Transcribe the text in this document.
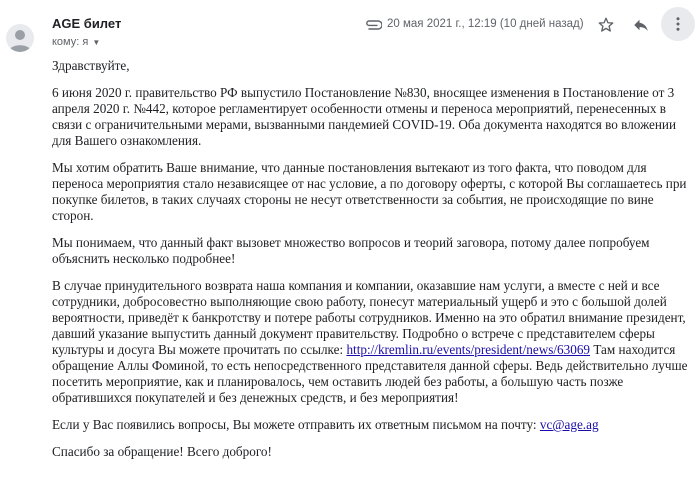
AGE билет
кому: я ▼
20 мая 2021 г., 12:19 (10 дней назад)

Здравствуйте,

6 июня 2020 г. правительство РФ выпустило Постановление №830, вносящее изменения в Постановление от 3 апреля 2020 г. №442, которое регламентирует особенности отмены и переноса мероприятий, перенесенных в связи с ограничительными мерами, вызванными пандемией COVID-19. Оба документа находятся во вложении для Вашего ознакомления.

Мы хотим обратить Ваше внимание, что данные постановления вытекают из того факта, что поводом для переноса мероприятия стало независящее от нас условие, а по договору оферты, с которой Вы соглашаетесь при покупке билетов, в таких случаях стороны не несут ответственности за события, не происходящие по вине сторон.

Мы понимаем, что данный факт вызовет множество вопросов и теорий заговора, потому далее попробуем объяснить несколько подробнее!

В случае принудительного возврата наша компания и компании, оказавшие нам услуги, а вместе с ней и все сотрудники, добросовестно выполняющие свою работу, понесут материальный ущерб и это с большой долей вероятности, приведёт к банкротству и потере работы сотрудников. Именно на это обратил внимание президент, давший указание выпустить данный документ правительству. Подробно о встрече с представителем сферы культуры и досуга Вы можете прочитать по ссылке: http://kremlin.ru/events/president/news/63069 Там находится обращение Аллы Фоминой, то есть непосредственного представителя данной сферы. Ведь действительно лучше посетить мероприятие, как и планировалось, чем оставить людей без работы, а большую часть позже обратившихся покупателей и без денежных средств, и без мероприятия!

Если у Вас появились вопросы, Вы можете отправить их ответным письмом на почту: vc@age.ag

Спасибо за обращение! Всего доброго!
